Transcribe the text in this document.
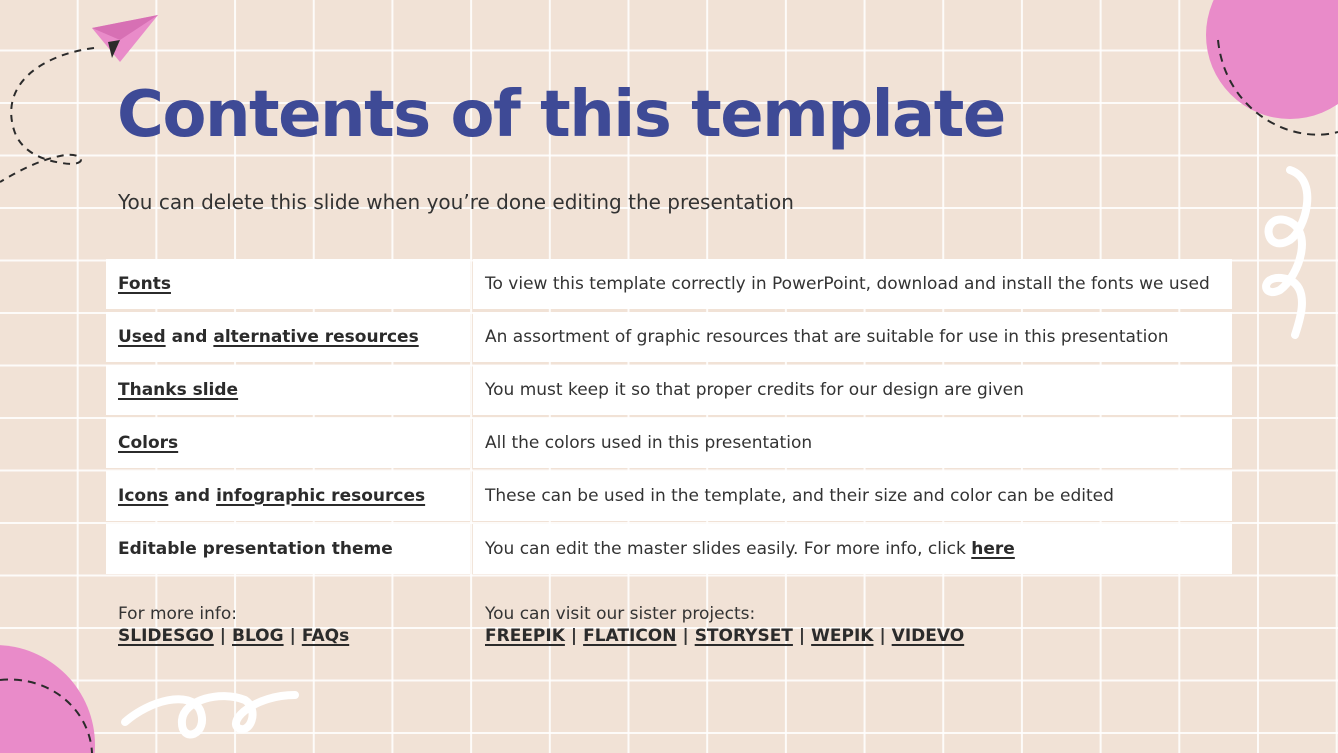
Contents of this template

You can delete this slide when you’re done editing the presentation

Fonts	To view this template correctly in PowerPoint, download and install the fonts we used
Used and alternative resources	An assortment of graphic resources that are suitable for use in this presentation
Thanks slide	You must keep it so that proper credits for our design are given
Colors	All the colors used in this presentation
Icons and infographic resources	These can be used in the template, and their size and color can be edited
Editable presentation theme	You can edit the master slides easily. For more info, click
here
For more info:
SLIDESGO | BLOG | FAQs
You can visit our sister projects:
FREEPIK | FLATICON | STORYSET | WEPIK | VIDEVO
